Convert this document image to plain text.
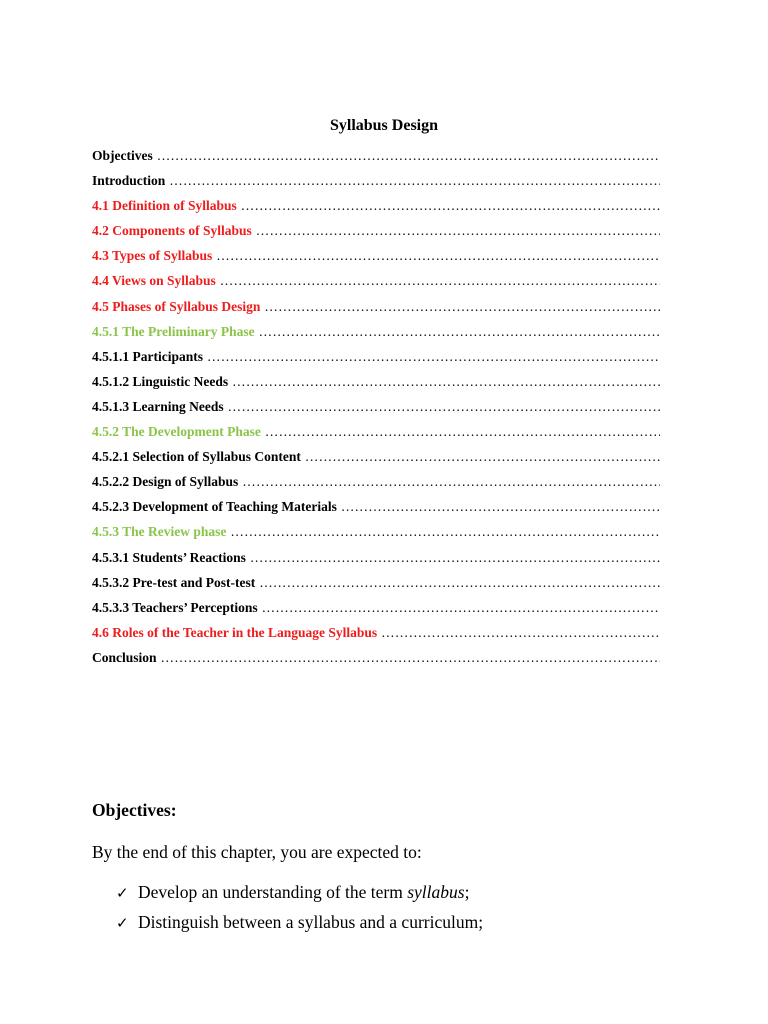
Syllabus Design
Objectives
……………………………………………………………………………………………………………………………………………………………………………………………………
Introduction
……………………………………………………………………………………………………………………………………………………………………………………………………
4.1 Definition of Syllabus
……………………………………………………………………………………………………………………………………………………………………………………………………
4.2 Components of Syllabus
……………………………………………………………………………………………………………………………………………………………………………………………………
4.3 Types of Syllabus
……………………………………………………………………………………………………………………………………………………………………………………………………
4.4 Views on Syllabus
……………………………………………………………………………………………………………………………………………………………………………………………………
4.5 Phases of Syllabus Design
……………………………………………………………………………………………………………………………………………………………………………………………………
4.5.1 The Preliminary Phase
……………………………………………………………………………………………………………………………………………………………………………………………………
4.5.1.1 Participants
……………………………………………………………………………………………………………………………………………………………………………………………………
4.5.1.2 Linguistic Needs
……………………………………………………………………………………………………………………………………………………………………………………………………
4.5.1.3 Learning Needs
……………………………………………………………………………………………………………………………………………………………………………………………………
4.5.2 The Development Phase
……………………………………………………………………………………………………………………………………………………………………………………………………
4.5.2.1 Selection of Syllabus Content
……………………………………………………………………………………………………………………………………………………………………………………………………
4.5.2.2 Design of Syllabus
……………………………………………………………………………………………………………………………………………………………………………………………………
4.5.2.3 Development of Teaching Materials
……………………………………………………………………………………………………………………………………………………………………………………………………
4.5.3 The Review phase
……………………………………………………………………………………………………………………………………………………………………………………………………
4.5.3.1 Students’ Reactions
……………………………………………………………………………………………………………………………………………………………………………………………………
4.5.3.2 Pre-test and Post-test
……………………………………………………………………………………………………………………………………………………………………………………………………
4.5.3.3 Teachers’ Perceptions
……………………………………………………………………………………………………………………………………………………………………………………………………
4.6 Roles of the Teacher in the Language Syllabus
……………………………………………………………………………………………………………………………………………………………………………………………………
Conclusion
……………………………………………………………………………………………………………………………………………………………………………………………………
Objectives:
By the end of this chapter, you are expected to:
✓ Develop an understanding of the term syllabus;
✓ Distinguish between a syllabus and a curriculum;
